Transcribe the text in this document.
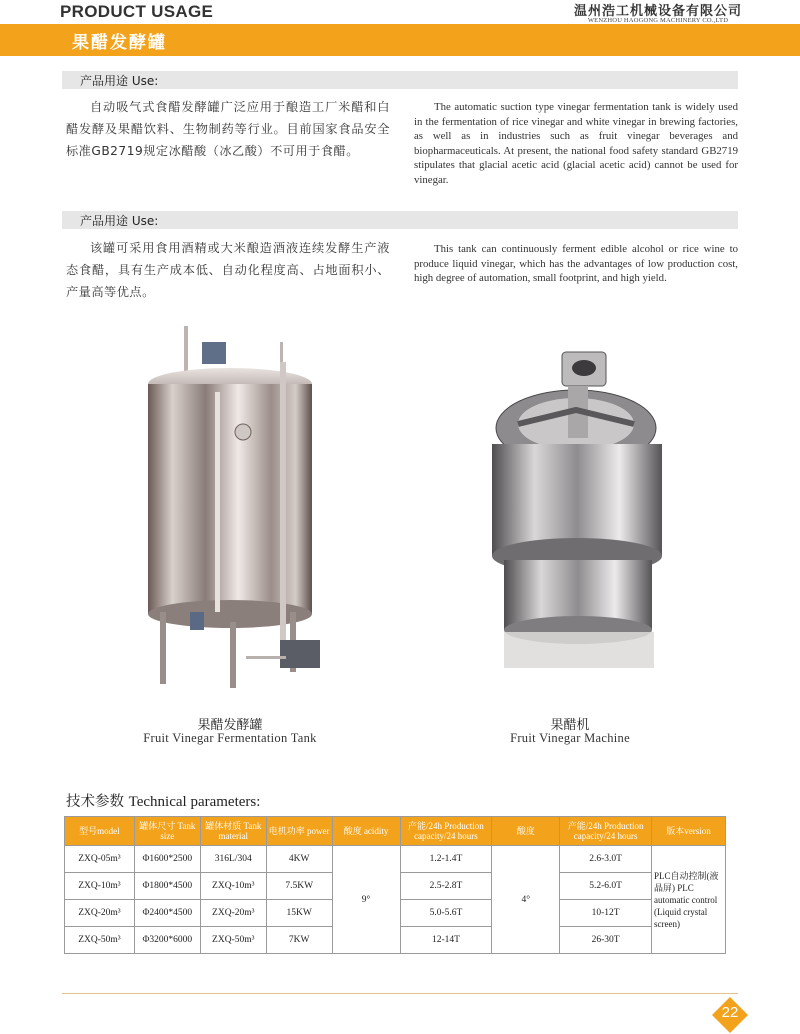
PRODUCT USAGE	温州浩工机械设备有限公司
WENZHOU HAOGONG MACHINERY CO.,LTD
果醋发酵罐
产品用途 Use:
自动吸气式食醋发酵罐广泛应用于酿造工厂米醋和白醋发酵及果醋饮料、生物制药等行业。目前国家食品安全标准GB2719规定冰醋酸（冰乙酸）不可用于食醋。
The automatic suction type vinegar fermentation tank is widely used in the fermentation of rice vinegar and white vinegar in brewing factories, as well as in industries such as fruit vinegar beverages and biopharmaceuticals. At present, the national food safety standard GB2719 stipulates that glacial acetic acid (glacial acetic acid) cannot be used for vinegar.
产品用途 Use:
该罐可采用食用酒精或大米酿造酒液连续发酵生产液态食醋，具有生产成本低、自动化程度高、占地面积小、产量高等优点。
This tank can continuously ferment edible alcohol or rice wine to produce liquid vinegar, which has the advantages of low production cost, high degree of automation, small footprint, and high yield.
果醋发酵罐
Fruit Vinegar Fermentation Tank
果醋机
Fruit Vinegar Machine
技术参数 Technical parameters:
型号model	罐体尺寸 Tank size	罐体材质 Tank material	电机功率 power	酸度 acidity	产能/24h Production capacity/24 hours	酸度	产能/24h Production capacity/24 hours	版本version
ZXQ-05m³	Φ1600*2500	316L/304	4KW	9°	1.2-1.4T	4°	2.6-3.0T	PLC自动控制(液晶屏) PLC automatic control (Liquid crystal screen)
ZXQ-10m³	Φ1800*4500	ZXQ-10m³	7.5KW		2.5-2.8T		5.2-6.0T	
ZXQ-20m³	Φ2400*4500	ZXQ-20m³	15KW		5.0-5.6T		10-12T	
ZXQ-50m³	Φ3200*6000	ZXQ-50m³	7KW		12-14T		26-30T	
22
